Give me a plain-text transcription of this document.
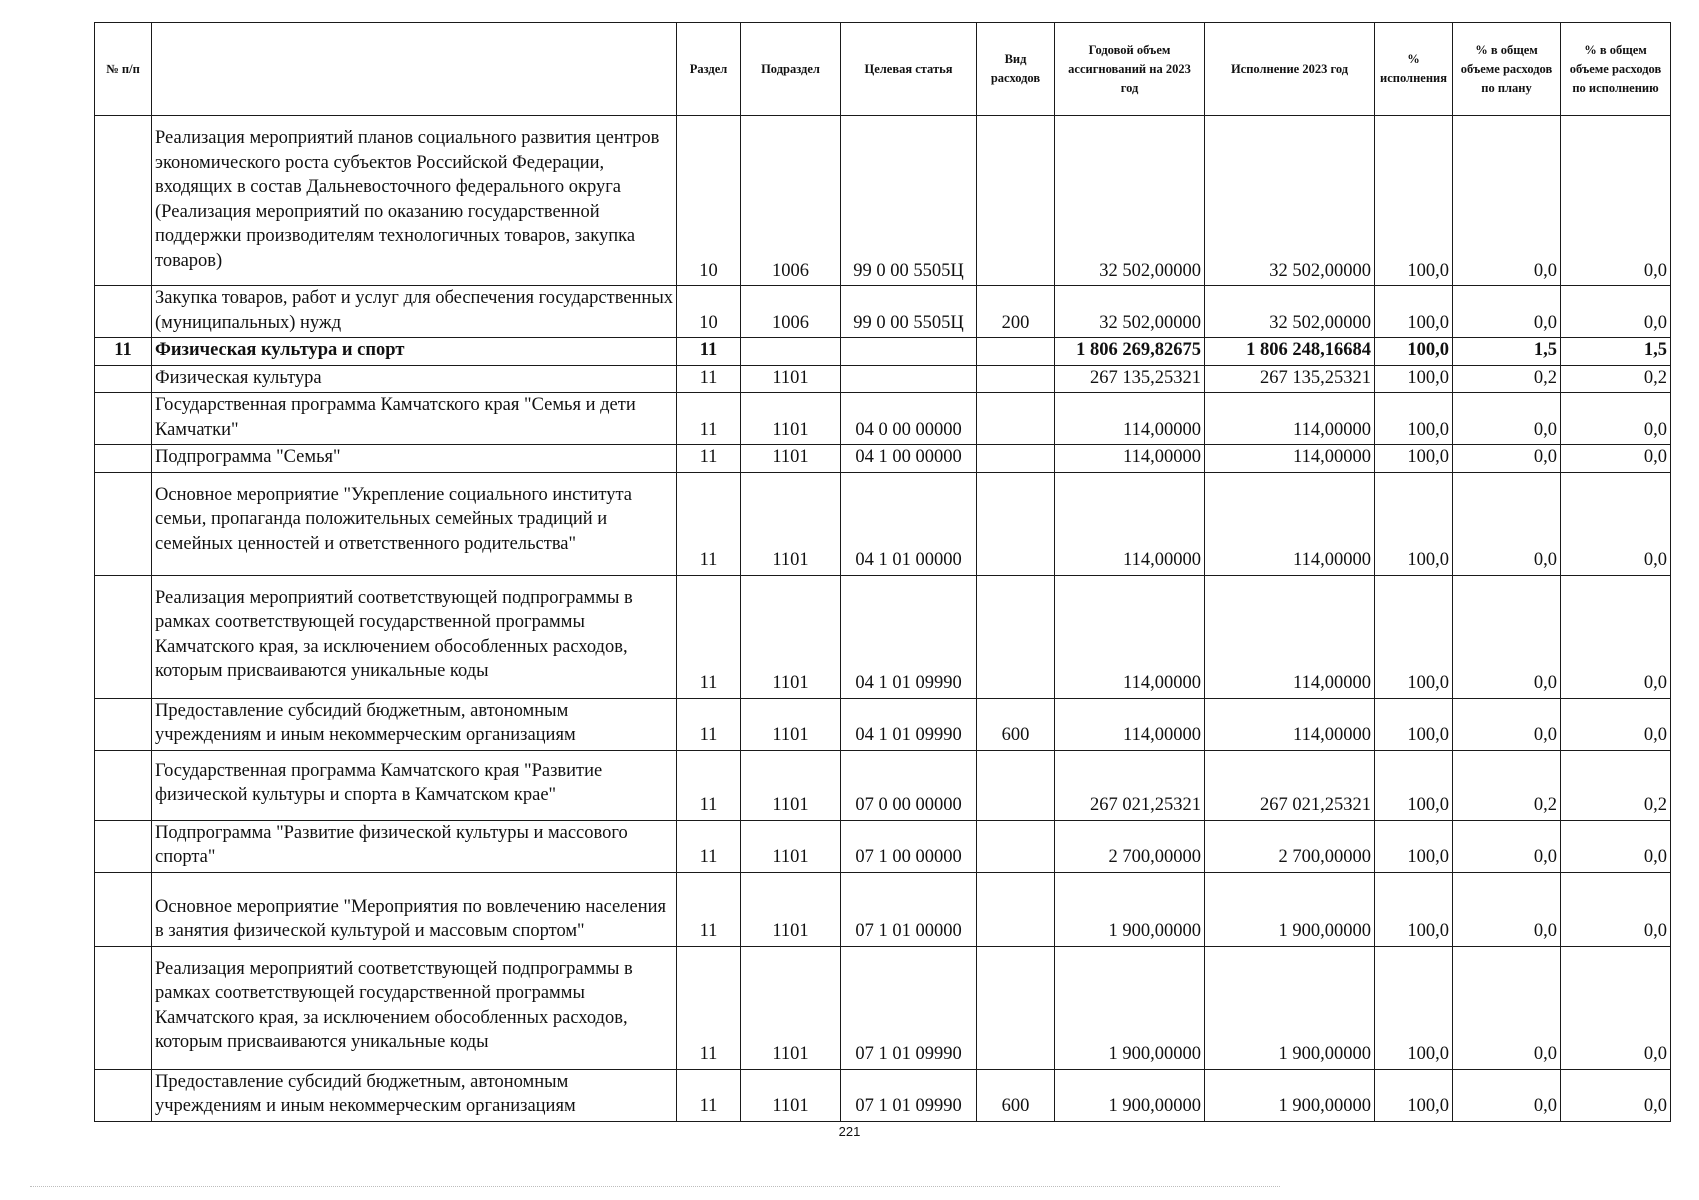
№ п/п		Раздел	Подраздел	Целевая статья	Вид расходов	Годовой объем ассигнований на 2023 год	Исполнение 2023 год	% исполнения	% в общем объеме расходов по плану	% в общем объеме расходов по исполнению
	Реализация мероприятий планов социального развития центров экономического роста субъектов Российской Федерации, входящих в состав Дальневосточного федерального округа (Реализация мероприятий по оказанию государственной поддержки производителям технологичных товаров, закупка товаров)	10	1006	99 0 00 5505Ц		32 502,00000	32 502,00000	100,0	0,0	0,0
	Закупка товаров, работ и услуг для обеспечения государственных (муниципальных) нужд	10	1006	99 0 00 5505Ц	200	32 502,00000	32 502,00000	100,0	0,0	0,0
11	Физическая культура и спорт	11				1 806 269,82675	1 806 248,16684	100,0	1,5	1,5
	Физическая культура	11	1101			267 135,25321	267 135,25321	100,0	0,2	0,2
	Государственная программа Камчатского края "Семья и дети Камчатки"	11	1101	04 0 00 00000		114,00000	114,00000	100,0	0,0	0,0
	Подпрограмма "Семья"	11	1101	04 1 00 00000		114,00000	114,00000	100,0	0,0	0,0
	Основное мероприятие "Укрепление социального института семьи, пропаганда положительных семейных традиций и семейных ценностей и ответственного родительства"	11	1101	04 1 01 00000		114,00000	114,00000	100,0	0,0	0,0
	Реализация мероприятий соответствующей подпрограммы в рамках соответствующей государственной программы Камчатского края, за исключением обособленных расходов, которым присваиваются уникальные коды	11	1101	04 1 01 09990		114,00000	114,00000	100,0	0,0	0,0
	Предоставление субсидий бюджетным, автономным учреждениям и иным некоммерческим организациям	11	1101	04 1 01 09990	600	114,00000	114,00000	100,0	0,0	0,0
	Государственная программа Камчатского края "Развитие физической культуры и спорта в Камчатском крае"	11	1101	07 0 00 00000		267 021,25321	267 021,25321	100,0	0,2	0,2
	Подпрограмма "Развитие физической культуры и массового спорта"	11	1101	07 1 00 00000		2 700,00000	2 700,00000	100,0	0,0	0,0
	Основное мероприятие "Мероприятия по вовлечению населения в занятия физической культурой и массовым спортом"	11	1101	07 1 01 00000		1 900,00000	1 900,00000	100,0	0,0	0,0
	Реализация мероприятий соответствующей подпрограммы в рамках соответствующей государственной программы Камчатского края, за исключением обособленных расходов, которым присваиваются уникальные коды	11	1101	07 1 01 09990		1 900,00000	1 900,00000	100,0	0,0	0,0
	Предоставление субсидий бюджетным, автономным учреждениям и иным некоммерческим организациям	11	1101	07 1 01 09990	600	1 900,00000	1 900,00000	100,0	0,0	0,0
221
